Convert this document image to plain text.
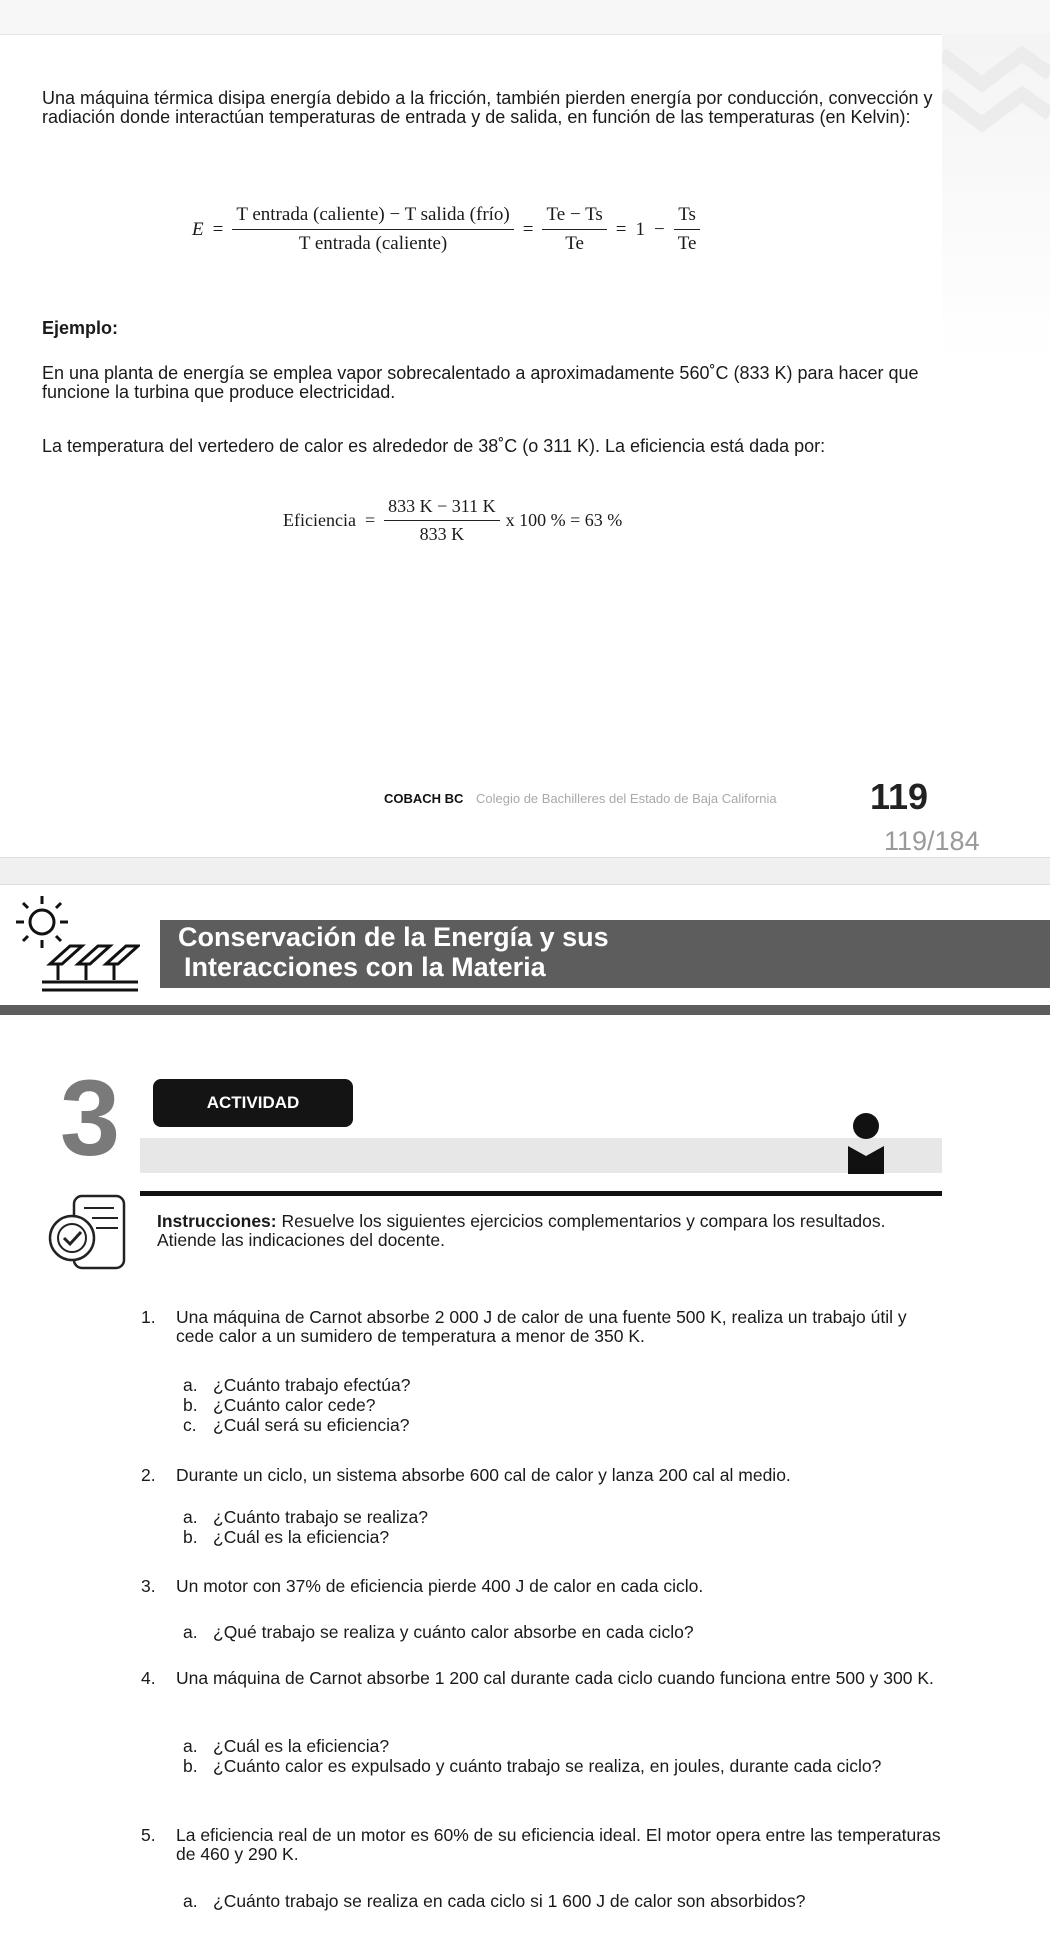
Una máquina térmica disipa energía debido a la fricción, también pierden energía por conducción, convección y radiación donde interactúan temperaturas de entrada y de salida, en función de las temperaturas (en Kelvin):
$E = \frac{\text{T entrada (caliente) − T salida (frío)}}{\text{T entrada (caliente)}} = \frac{Te - Ts}{Te} = 1 - \frac{Ts}{Te}$
Ejemplo:
En una planta de energía se emplea vapor sobrecalentado a aproximadamente 560˚C (833 K) para hacer que funcione la turbina que produce electricidad.
La temperatura del vertedero de calor es alrededor de 38˚C (o 311 K). La eficiencia está dada por:
Eficiencia = $\frac{833 K - 311 K}{833 K}$ x 100 % = 63 %
COBACH BC Colegio de Bachilleres del Estado de Baja California	119
119/184
Conservación de la Energía y sus
Interacciones con la Materia
3	ACTIVIDAD
Instrucciones: Resuelve los siguientes ejercicios complementarios y compara los resultados. Atiende las indicaciones del docente.
1. Una máquina de Carnot absorbe 2 000 J de calor de una fuente 500 K, realiza un trabajo útil y cede calor a un sumidero de temperatura a menor de 350 K.
a. ¿Cuánto trabajo efectúa?
b. ¿Cuánto calor cede?
c. ¿Cuál será su eficiencia?
2. Durante un ciclo, un sistema absorbe 600 cal de calor y lanza 200 cal al medio.
a. ¿Cuánto trabajo se realiza?
b. ¿Cuál es la eficiencia?
3. Un motor con 37% de eficiencia pierde 400 J de calor en cada ciclo.
a. ¿Qué trabajo se realiza y cuánto calor absorbe en cada ciclo?
4. Una máquina de Carnot absorbe 1 200 cal durante cada ciclo cuando funciona entre 500 y 300 K.
a. ¿Cuál es la eficiencia?
b. ¿Cuánto calor es expulsado y cuánto trabajo se realiza, en joules, durante cada ciclo?
5. La eficiencia real de un motor es 60% de su eficiencia ideal. El motor opera entre las temperaturas de 460 y 290 K.
a. ¿Cuánto trabajo se realiza en cada ciclo si 1 600 J de calor son absorbidos?
